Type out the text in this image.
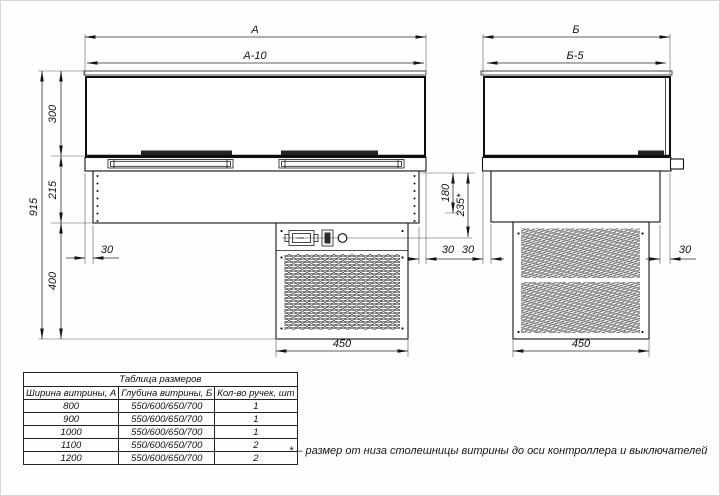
А
А-10
Б
Б-5
915
300
215
400
30	30 30	30
180
235*
450	450
Таблица размеров		
Ширина витрины, А	Глубина витрины, Б	Кол-во ручек, шт
800	550/600/650/700	1
900	550/600/650/700	1
1000	550/600/650/700	1
1100	550/600/650/700	2
1200	550/600/650/700	2
* – размер от низа столешницы витрины до оси контроллера и выключателей
